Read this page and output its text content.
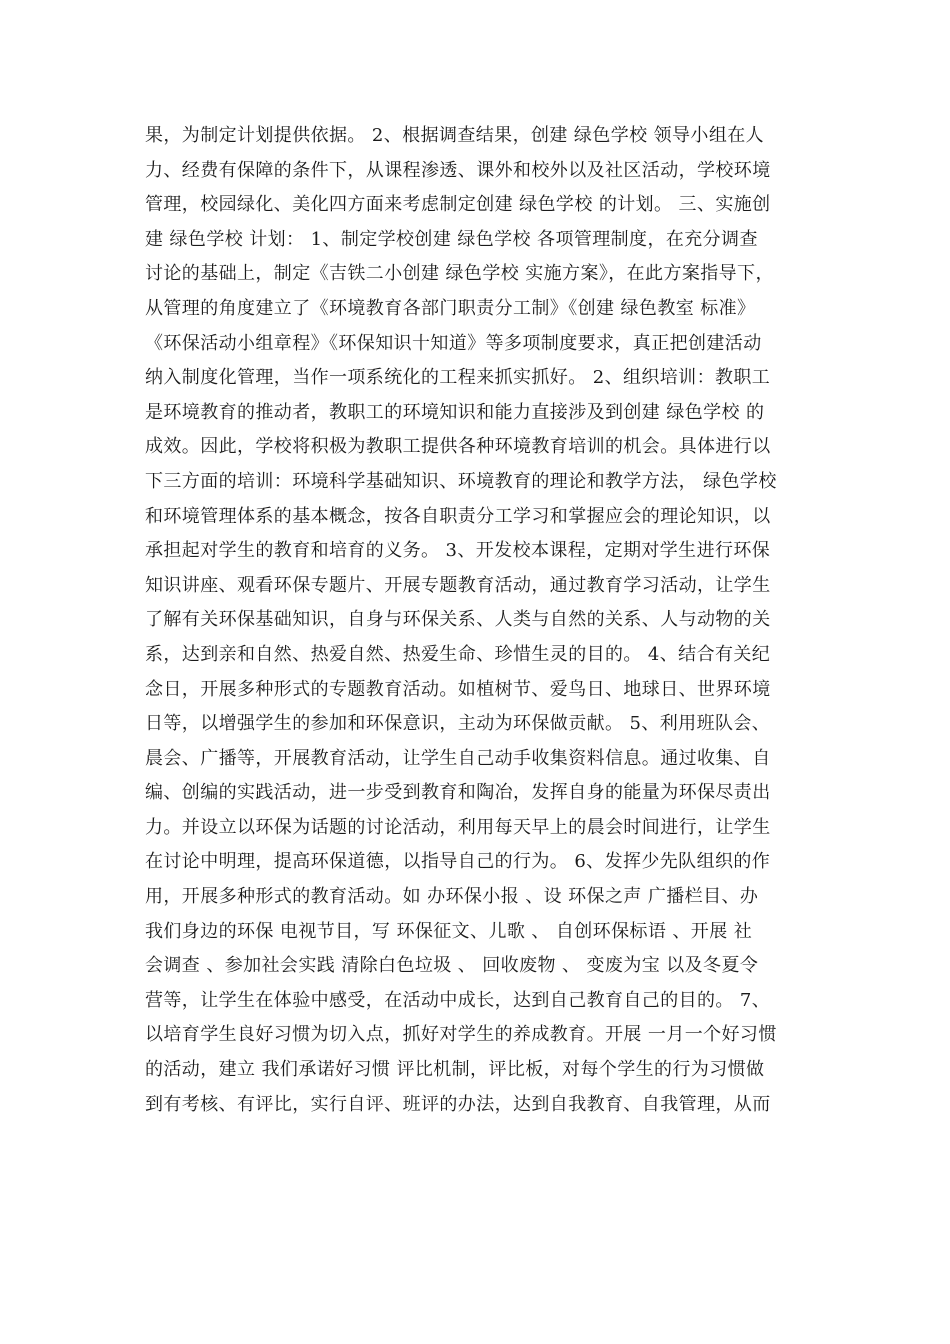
果，为制定计划提供依据。 2、根据调查结果，创建 绿色学校 领导小组在人
力、经费有保障的条件下，从课程渗透、课外和校外以及社区活动，学校环境
管理，校园绿化、美化四方面来考虑制定创建 绿色学校 的计划。 三、实施创
建 绿色学校 计划： 1、制定学校创建 绿色学校 各项管理制度，在充分调查
讨论的基础上，制定《吉铁二小创建 绿色学校 实施方案》，在此方案指导下，
从管理的角度建立了《环境教育各部门职责分工制》《创建 绿色教室 标准》
《环保活动小组章程》《环保知识十知道》等多项制度要求，真正把创建活动
纳入制度化管理，当作一项系统化的工程来抓实抓好。 2、组织培训：教职工
是环境教育的推动者，教职工的环境知识和能力直接涉及到创建 绿色学校 的
成效。因此，学校将积极为教职工提供各种环境教育培训的机会。具体进行以
下三方面的培训：环境科学基础知识、环境教育的理论和教学方法， 绿色学校
和环境管理体系的基本概念，按各自职责分工学习和掌握应会的理论知识，以
承担起对学生的教育和培育的义务。 3、开发校本课程，定期对学生进行环保
知识讲座、观看环保专题片、开展专题教育活动，通过教育学习活动，让学生
了解有关环保基础知识，自身与环保关系、人类与自然的关系、人与动物的关
系，达到亲和自然、热爱自然、热爱生命、珍惜生灵的目的。 4、结合有关纪
念日，开展多种形式的专题教育活动。如植树节、爱鸟日、地球日、世界环境
日等，以增强学生的参加和环保意识，主动为环保做贡献。 5、利用班队会、
晨会、广播等，开展教育活动，让学生自己动手收集资料信息。通过收集、自
编、创编的实践活动，进一步受到教育和陶冶，发挥自身的能量为环保尽责出
力。并设立以环保为话题的讨论活动，利用每天早上的晨会时间进行，让学生
在讨论中明理，提高环保道德，以指导自己的行为。 6、发挥少先队组织的作
用，开展多种形式的教育活动。如 办环保小报 、设 环保之声 广播栏目、办
我们身边的环保 电视节目，写 环保征文、儿歌 、 自创环保标语 、开展 社
会调查 、参加社会实践 清除白色垃圾 、 回收废物 、 变废为宝 以及冬夏令
营等，让学生在体验中感受，在活动中成长，达到自己教育自己的目的。 7、
以培育学生良好习惯为切入点，抓好对学生的养成教育。开展 一月一个好习惯
的活动，建立 我们承诺好习惯 评比机制，评比板，对每个学生的行为习惯做
到有考核、有评比，实行自评、班评的办法，达到自我教育、自我管理，从而
